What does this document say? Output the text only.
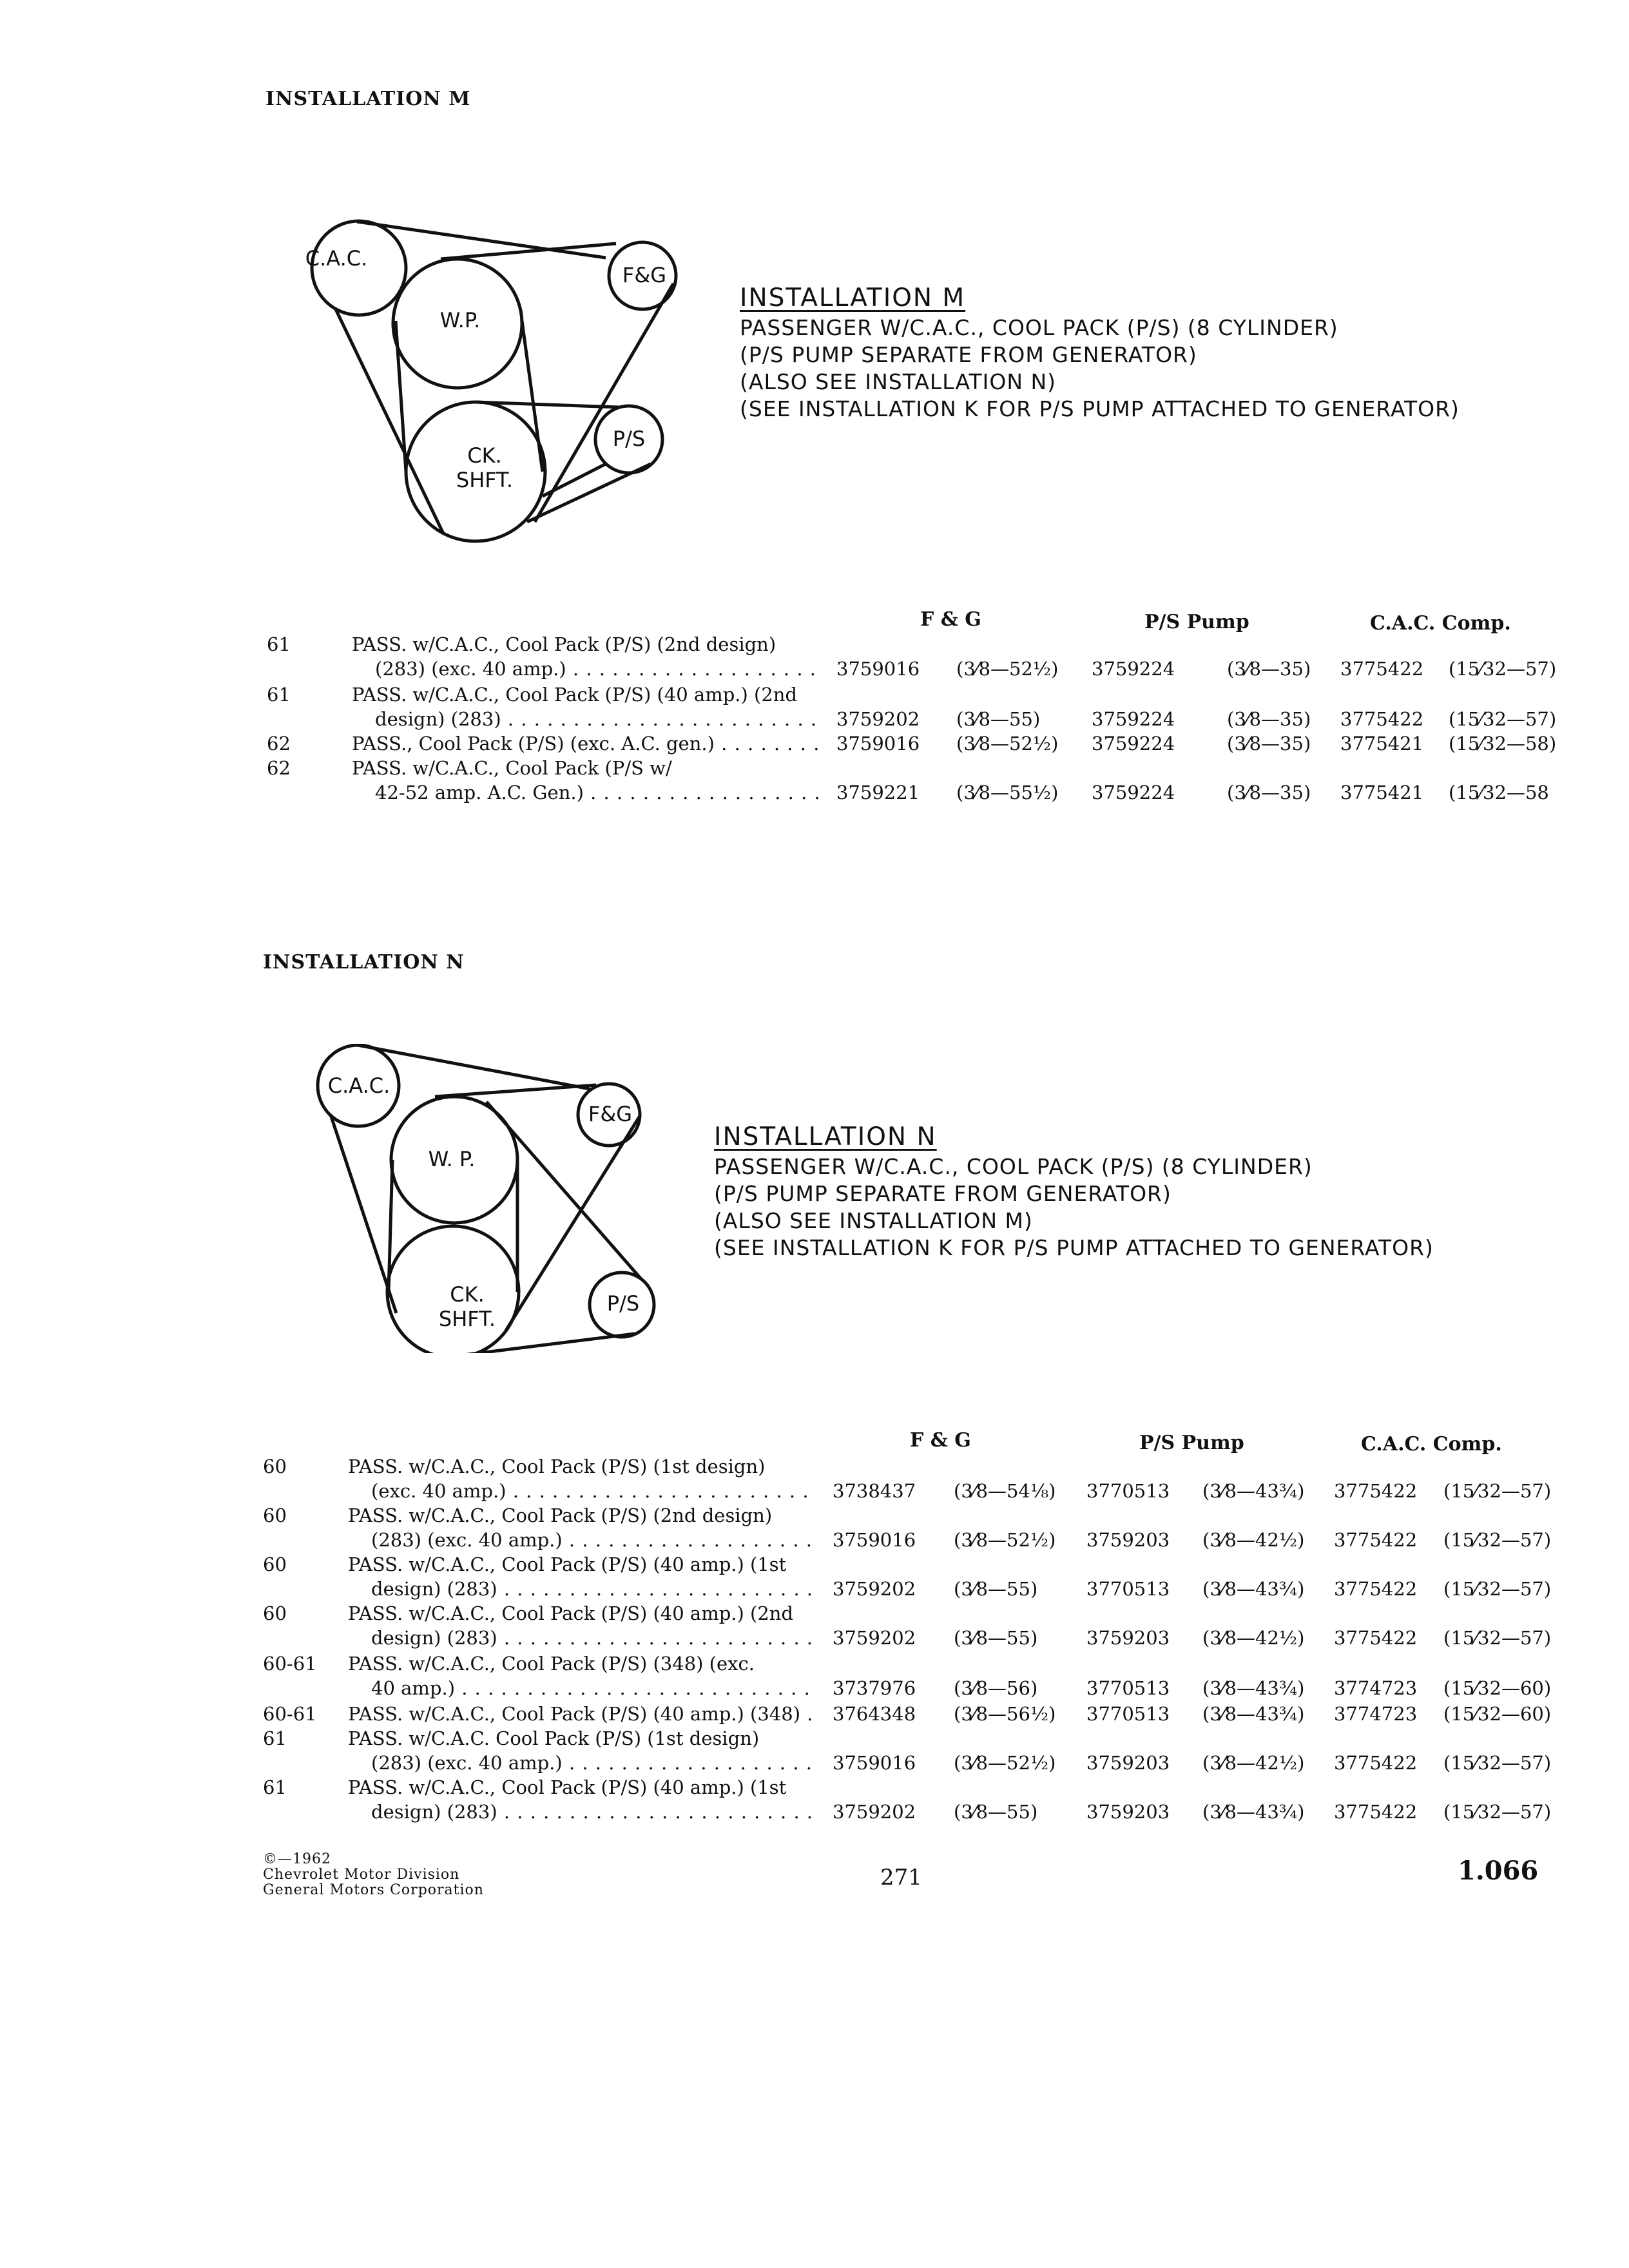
INSTALLATION M
C.A.C.
F&G
W.P.
CK.
SHFT.
P/S
INSTALLATION M
PASSENGER W/C.A.C., COOL PACK (P/S) (8 CYLINDER)
(P/S PUMP SEPARATE FROM GENERATOR)
(ALSO SEE INSTALLATION N)
(SEE INSTALLATION K FOR P/S PUMP ATTACHED TO GENERATOR)
F & G	P/S Pump	C.A.C. Comp.
61	PASS. w/C.A.C., Cool Pack (P/S) (2nd design)
(283) (exc. 40 amp.) . . .	3759016 (3⁄8—52½) 3759224	(3⁄8—35) 3775422 (15⁄32—57)
61	PASS. w/C.A.C., Cool Pack (P/S) (40 amp.) (2nd
design) (283) . . .	3759202 (3⁄8—55)	3759224	(3⁄8—35) 3775422 (15⁄32—57)
62	PASS., Cool Pack (P/S) (exc. A.C. gen.) . . .	3759016 (3⁄8—52½) 3759224	(3⁄8—35) 3775421 (15⁄32—58)
62	PASS. w/C.A.C., Cool Pack (P/S w/
42-52 amp. A.C. Gen.) . . .	3759221 (3⁄8—55½) 3759224	(3⁄8—35) 3775421 (15⁄32—58
INSTALLATION N
C.A.C.
F&G
W. P.
CK.
SHFT.
P/S
INSTALLATION N
PASSENGER W/C.A.C., COOL PACK (P/S) (8 CYLINDER)
(P/S PUMP SEPARATE FROM GENERATOR)
(ALSO SEE INSTALLATION M)
(SEE INSTALLATION K FOR P/S PUMP ATTACHED TO GENERATOR)
F & G	P/S Pump	C.A.C. Comp.
60	PASS. w/C.A.C., Cool Pack (P/S) (1st design)
(exc. 40 amp.) . . .	3738437 (3⁄8—54⅛) 3770513 (3⁄8—43¾) 3775422 (15⁄32—57)
60	PASS. w/C.A.C., Cool Pack (P/S) (2nd design)
(283) (exc. 40 amp.) . . .	3759016 (3⁄8—52½) 3759203 (3⁄8—42½) 3775422 (15⁄32—57)
60	PASS. w/C.A.C., Cool Pack (P/S) (40 amp.) (1st
design) (283) . . .	3759202 (3⁄8—55)	3770513 (3⁄8—43¾) 3775422 (15⁄32—57)
60	PASS. w/C.A.C., Cool Pack (P/S) (40 amp.) (2nd
design) (283) . . .	3759202 (3⁄8—55)	3759203 (3⁄8—42½) 3775422 (15⁄32—57)
60-61 PASS. w/C.A.C., Cool Pack (P/S) (348) (exc.
40 amp.) . . .	3737976 (3⁄8—56)	3770513 (3⁄8—43¾) 3774723 (15⁄32—60)
60-61 PASS. w/C.A.C., Cool Pack (P/S) (40 amp.) (348) . . .	3764348 (3⁄8—56½) 3770513 (3⁄8—43¾) 3774723 (15⁄32—60)
61	PASS. w/C.A.C. Cool Pack (P/S) (1st design)
(283) (exc. 40 amp.) . . .	3759016 (3⁄8—52½) 3759203 (3⁄8—42½) 3775422 (15⁄32—57)
61	PASS. w/C.A.C., Cool Pack (P/S) (40 amp.) (1st
design) (283) . . .	3759202 (3⁄8—55)	3759203 (3⁄8—43¾) 3775422 (15⁄32—57)
©—1962
Chevrolet Motor Division
General Motors Corporation	271	1.066
